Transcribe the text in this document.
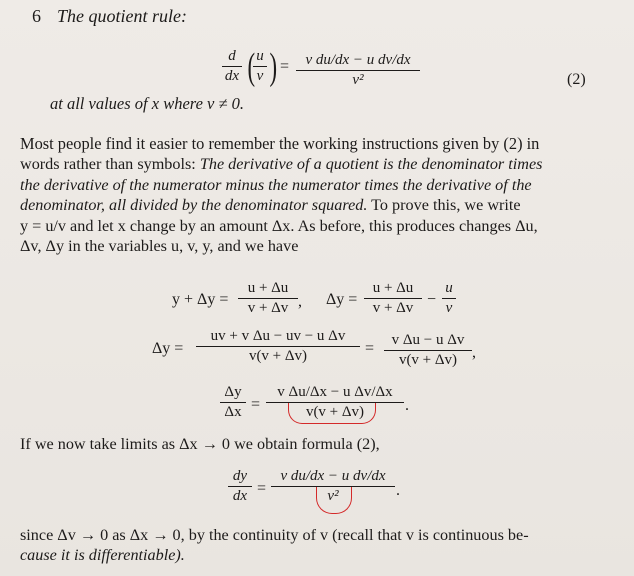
6 The quotient rule:
d
dx ( u
v ) =	v du/dx − u dv/dx
v²	(2)
at all values of x where v ≠ 0.
Most people find it easier to remember the working instructions given by (2) in
words rather than symbols: The derivative of a quotient is the denominator times
the derivative of the numerator minus the numerator times the derivative of the
denominator, all divided by the denominator squared. To prove this, we write
y = u/v and let x change by an amount Δx. As before, this produces changes Δu,
Δv, Δy in the variables u, v, y, and we have
y + Δy =
u + Δu
v + Δv , Δy =
u + Δu
v + Δv −
u
v
Δy =
uv + v Δu − uv − u Δv
v(v + Δv)	=	v Δu − u Δv
v(v + Δv) ,
Δy
Δx =
v Δu/Δx − u Δv/Δx
v(v + Δv)	.
If we now take limits as Δx → 0 we obtain formula (2),
dy
dx =
v du/dx − u dv/dx
v²	.
since Δv → 0 as Δx → 0, by the continuity of v (recall that v is continuous be-
cause it is differentiable).
